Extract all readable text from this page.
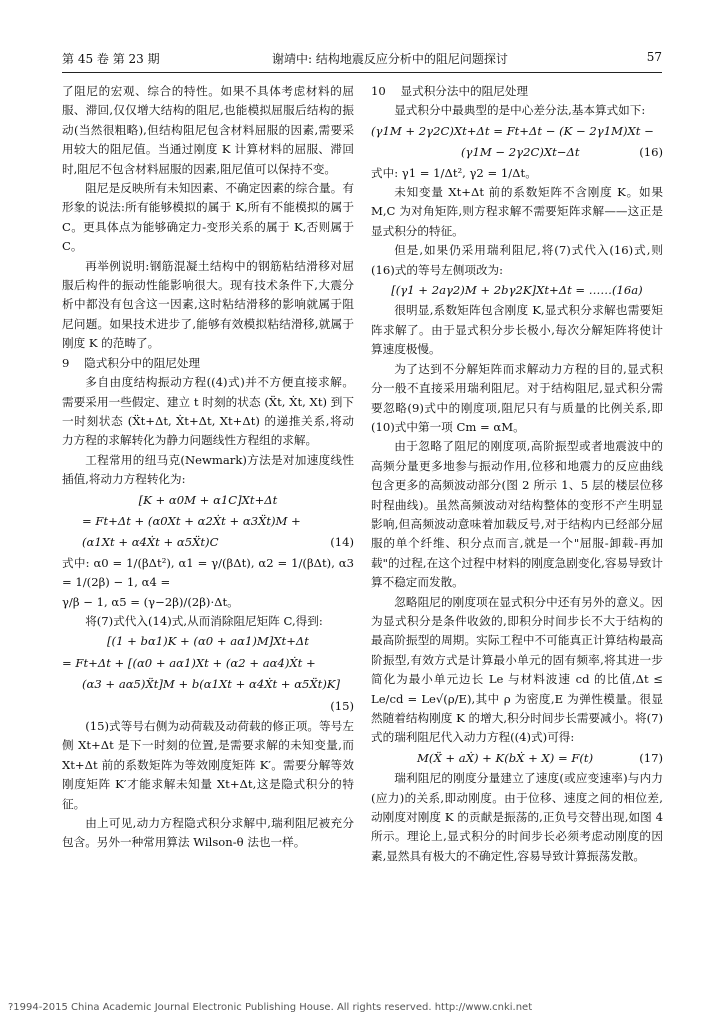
第 45 卷 第 23 期	谢靖中: 结构地震反应分析中的阻尼问题探讨	57

了阻尼的宏观、综合的特性。如果不具体考虑材料的屈服、滞回,仅仅增大结构的阻尼,也能模拟屈服后结构的振动(当然很粗略),但结构阻尼包含材料屈服的因素,需要采用较大的阻尼值。当通过刚度 K 计算材料的屈服、滞回时,阻尼不包含材料屈服的因素,阻尼值可以保持不变。

阻尼是反映所有未知因素、不确定因素的综合量。有形象的说法:所有能够模拟的属于 K,所有不能模拟的属于 C。更具体点为能够确定力-变形关系的属于 K,否则属于 C。

再举例说明:钢筋混凝土结构中的钢筋粘结滑移对屈服后构件的振动性能影响很大。现有技术条件下,大震分析中都没有包含这一因素,这时粘结滑移的影响就属于阻尼问题。如果技术进步了,能够有效模拟粘结滑移,就属于刚度 K 的范畴了。

9 隐式积分中的阻尼处理

多自由度结构振动方程((4)式)并不方便直接求解。需要采用一些假定、建立 t 时刻的状态 (Ẍt, Ẋt, Xt) 到下一时刻状态 (Ẍt+Δt, Ẋt+Δt, Xt+Δt) 的递推关系,将动力方程的求解转化为静力问题线性方程组的求解。

工程常用的纽马克(Newmark)方法是对加速度线性插值,将动力方程转化为:

[K + α0M + α1C]Xt+Δt
= Ft+Δt + (α0Xt + α2Ẋt + α3Ẍt)M +
(α1Xt + α4Ẋt + α5Ẍt)C	(14)

式中: α0 = 1/(βΔt²), α1 = γ/(βΔt), α2 = 1/(βΔt), α3 = 1/(2β) − 1, α4 =

γ/β − 1, α5 = (γ−2β)/(2β)·Δt。

将(7)式代入(14)式,从而消除阻尼矩阵 C,得到:

[(1 + bα1)K + (α0 + aα1)M]Xt+Δt
= Ft+Δt + [(α0 + aα1)Xt + (α2 + aα4)Ẋt +
(α3 + aα5)Ẍt]M + b(α1Xt + α4Ẋt + α5Ẍt)K]
(15)

(15)式等号右侧为动荷载及动荷载的修正项。等号左侧 Xt+Δt 是下一时刻的位置,是需要求解的未知变量,而 Xt+Δt 前的系数矩阵为等效刚度矩阵 K′。需要分解等效刚度矩阵 K′才能求解未知量 Xt+Δt,这是隐式积分的特征。

由上可见,动力方程隐式积分求解中,瑞利阻尼被充分包含。另外一种常用算法 Wilson-θ 法也一样。

10 显式积分法中的阻尼处理

显式积分中最典型的是中心差分法,基本算式如下:

(γ1M + 2γ2C)Xt+Δt = Ft+Δt − (K − 2γ1M)Xt −
(γ1M − 2γ2C)Xt−Δt	(16)

式中: γ1 = 1/Δt², γ2 = 1/Δt。

未知变量 Xt+Δt 前的系数矩阵不含刚度 K。如果 M,C 为对角矩阵,则方程求解不需要矩阵求解——这正是显式积分的特征。

但是,如果仍采用瑞利阻尼,将(7)式代入(16)式,则(16)式的等号左侧项改为:

[(γ1 + 2aγ2)M + 2bγ2K]Xt+Δt = ……(16a)

很明显,系数矩阵包含刚度 K,显式积分求解也需要矩阵求解了。由于显式积分步长极小,每次分解矩阵将使计算速度极慢。

为了达到不分解矩阵而求解动力方程的目的,显式积分一般不直接采用瑞利阻尼。对于结构阻尼,显式积分需要忽略(9)式中的刚度项,阻尼只有与质量的比例关系,即(10)式中第一项 Cm = αM。

由于忽略了阻尼的刚度项,高阶振型或者地震波中的高频分量更多地参与振动作用,位移和地震力的反应曲线包含更多的高频波动部分(图 2 所示 1、5 层的楼层位移时程曲线)。虽然高频波动对结构整体的变形不产生明显影响,但高频波动意味着加载反号,对于结构内已经部分屈服的单个纤维、积分点而言,就是一个"屈服-卸载-再加载"的过程,在这个过程中材料的刚度急剧变化,容易导致计算不稳定而发散。

忽略阻尼的刚度项在显式积分中还有另外的意义。因为显式积分是条件收敛的,即积分时间步长不大于结构的最高阶振型的周期。实际工程中不可能真正计算结构最高阶振型,有效方式是计算最小单元的固有频率,将其进一步简化为最小单元边长 Le 与材料波速 cd 的比值,Δt ≤ Le/cd = Le√(ρ/E),其中 ρ 为密度,E 为弹性模量。很显然随着结构刚度 K 的增大,积分时间步长需要减小。将(7)式的瑞利阻尼代入动力方程((4)式)可得:

M(Ẍ + aẊ) + K(bẊ + X) = F(t)	(17)

瑞利阻尼的刚度分量建立了速度(或应变速率)与内力(应力)的关系,即动刚度。由于位移、速度之间的相位差,动刚度对刚度 K 的贡献是振荡的,正负号交替出现,如图 4 所示。理论上,显式积分的时间步长必须考虑动刚度的因素,显然具有极大的不确定性,容易导致计算振荡发散。

?1994-2015 China Academic Journal Electronic Publishing House. All rights reserved. http://www.cnki.net
